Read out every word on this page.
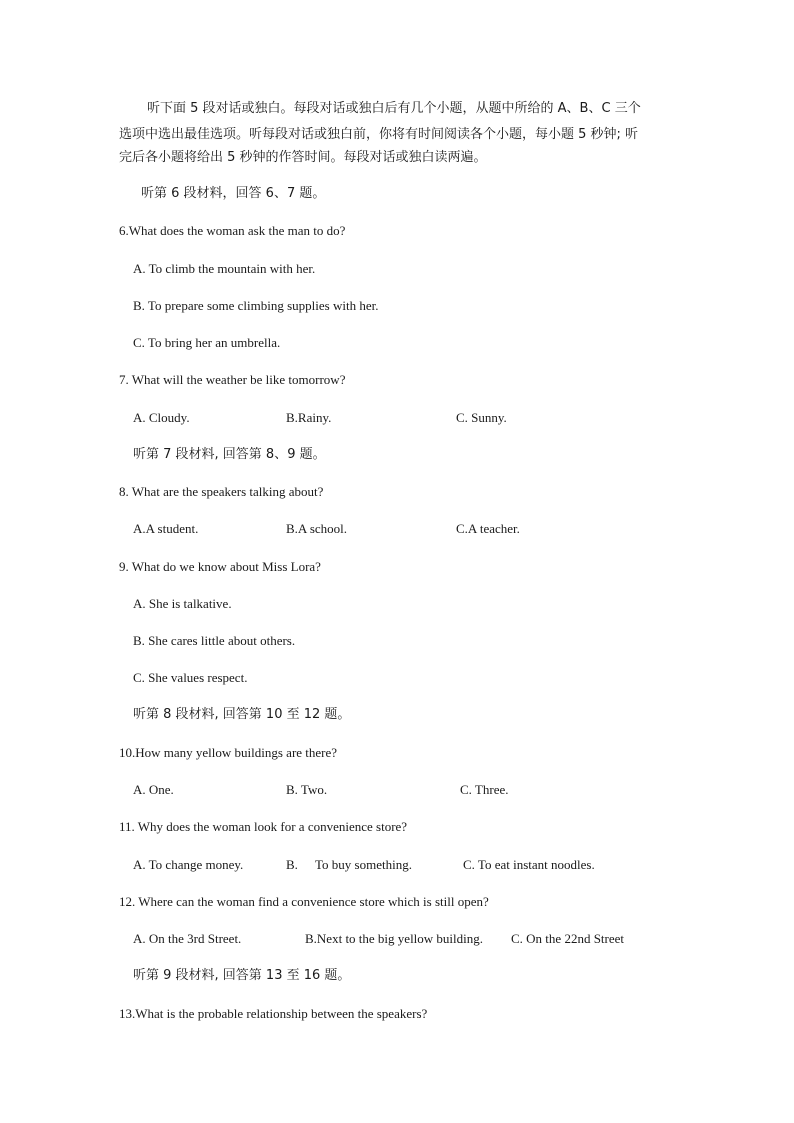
听下面 5 段对话或独白。每段对话或独白后有几个小题，从题中所给的 A、B、C 三个
选项中选出最佳选项。听每段对话或独白前，你将有时间阅读各个小题，每小题 5 秒钟; 听
完后各小题将给出 5 秒钟的作答时间。每段对话或独白读两遍。
听第 6 段材料，回答 6、7 题。
6.What does the woman ask the man to do?
A. To climb the mountain with her.
B. To prepare some climbing supplies with her.
C. To bring her an umbrella.
7. What will the weather be like tomorrow?
A. Cloudy.	B.Rainy.	C. Sunny.
听第 7 段材料, 回答第 8、9 题。
8. What are the speakers talking about?
A.A student.	B.A school.	C.A teacher.
9. What do we know about Miss Lora?
A. She is talkative.
B. She cares little about others.
C. She values respect.
听第 8 段材料, 回答第 10 至 12 题。
10.How many yellow buildings are there?
A. One.	B. Two.	C. Three.
11. Why does the woman look for a convenience store?
A. To change money.	B. To buy something.	C. To eat instant noodles.
12. Where can the woman find a convenience store which is still open?
A. On the 3rd Street.	B.Next to the big yellow building. C. On the 22nd Street
听第 9 段材料, 回答第 13 至 16 题。
13.What is the probable relationship between the speakers?
